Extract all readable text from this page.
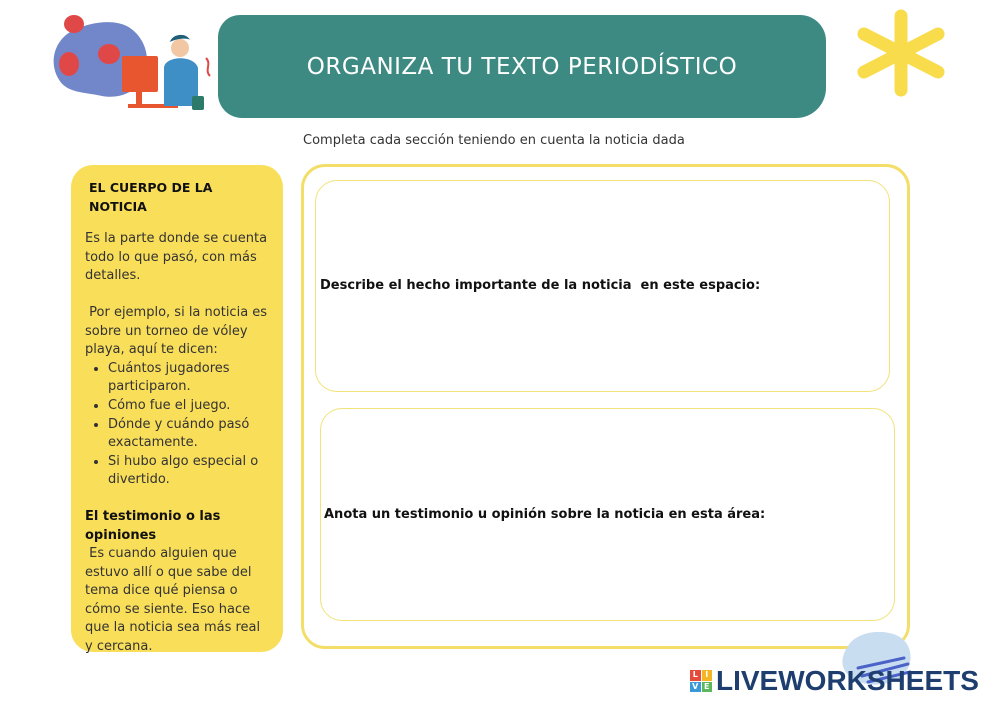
ORGANIZA TU TEXTO PERIODÍSTICO
Completa cada sección teniendo en cuenta la noticia dada
EL CUERPO DE LA NOTICIA

Es la parte donde se cuenta todo lo que pasó, con más detalles.

Por ejemplo, si la noticia es sobre un torneo de vóley playa, aquí te dicen:

• Cuántos jugadores participaron.
• Cómo fue el juego.
• Dónde y cuándo pasó exactamente.
• Si hubo algo especial o divertido.

El testimonio o las opiniones

Es cuando alguien que estuvo allí o que sabe del tema dice qué piensa o cómo se siente. Eso hace que la noticia sea más real y cercana.

Describe el hecho importante de la noticia  en este espacio:
Anota un testimonio u opinión sobre la noticia en esta área:
L I
V E LIVEWORKSHEETS
